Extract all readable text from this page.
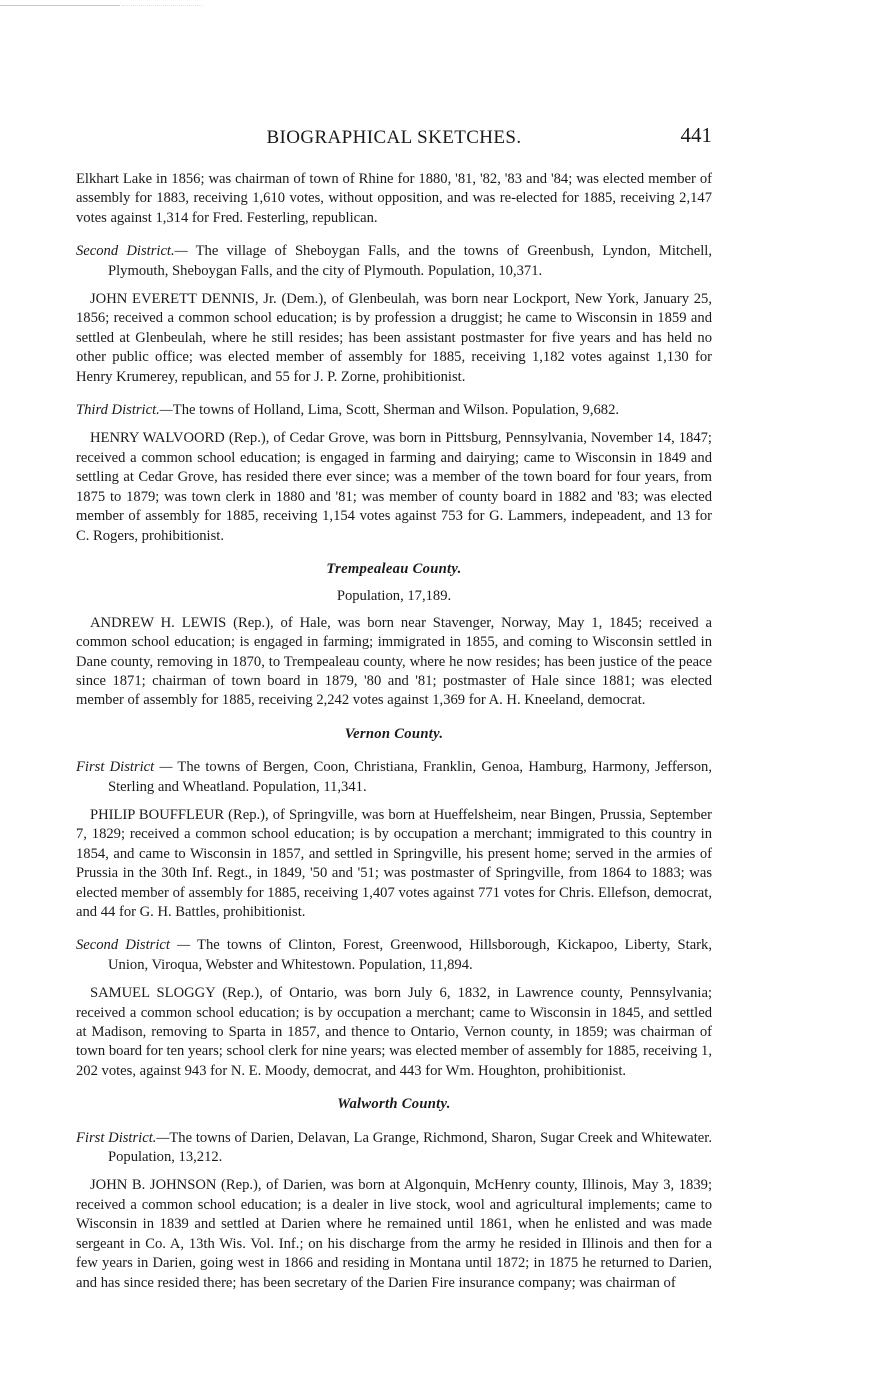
BIOGRAPHICAL SKETCHES.	441

Elkhart Lake in 1856; was chairman of town of Rhine for 1880, '81, '82, '83 and '84; was elected member of assembly for 1883, receiving 1,610 votes, without opposition, and was re-elected for 1885, receiving 2,147 votes against 1,314 for Fred. Festerling, republican.

Second District.— The village of Sheboygan Falls, and the towns of Greenbush, Lyndon, Mitchell, Plymouth, Sheboygan Falls, and the city of Plymouth. Population, 10,371.

JOHN EVERETT DENNIS, Jr. (Dem.), of Glenbeulah, was born near Lockport, New York, January 25, 1856; received a common school education; is by profession a druggist; he came to Wisconsin in 1859 and settled at Glenbeulah, where he still resides; has been assistant postmaster for five years and has held no other public office; was elected member of assembly for 1885, receiving 1,182 votes against 1,130 for Henry Krumerey, republican, and 55 for J. P. Zorne, prohibitionist.

Third District.—The towns of Holland, Lima, Scott, Sherman and Wilson. Population, 9,682.

HENRY WALVOORD (Rep.), of Cedar Grove, was born in Pittsburg, Pennsylvania, November 14, 1847; received a common school education; is engaged in farming and dairying; came to Wisconsin in 1849 and settling at Cedar Grove, has resided there ever since; was a member of the town board for four years, from 1875 to 1879; was town clerk in 1880 and '81; was member of county board in 1882 and '83; was elected member of assembly for 1885, receiving 1,154 votes against 753 for G. Lammers, indepeadent, and 13 for C. Rogers, prohibitionist.

Trempealeau County.
Population, 17,189.

ANDREW H. LEWIS (Rep.), of Hale, was born near Stavenger, Norway, May 1, 1845; received a common school education; is engaged in farming; immigrated in 1855, and coming to Wisconsin settled in Dane county, removing in 1870, to Trempealeau county, where he now resides; has been justice of the peace since 1871; chairman of town board in 1879, '80 and '81; postmaster of Hale since 1881; was elected member of assembly for 1885, receiving 2,242 votes against 1,369 for A. H. Kneeland, democrat.

Vernon County.

First District — The towns of Bergen, Coon, Christiana, Franklin, Genoa, Hamburg, Harmony, Jefferson, Sterling and Wheatland. Population, 11,341.

PHILIP BOUFFLEUR (Rep.), of Springville, was born at Hueffelsheim, near Bingen, Prussia, September 7, 1829; received a common school education; is by occupation a merchant; immigrated to this country in 1854, and came to Wisconsin in 1857, and settled in Springville, his present home; served in the armies of Prussia in the 30th Inf. Regt., in 1849, '50 and '51; was postmaster of Springville, from 1864 to 1883; was elected member of assembly for 1885, receiving 1,407 votes against 771 votes for Chris. Ellefson, democrat, and 44 for G. H. Battles, prohibitionist.

Second District — The towns of Clinton, Forest, Greenwood, Hillsborough, Kickapoo, Liberty, Stark, Union, Viroqua, Webster and Whitestown. Population, 11,894.

SAMUEL SLOGGY (Rep.), of Ontario, was born July 6, 1832, in Lawrence county, Pennsylvania; received a common school education; is by occupation a merchant; came to Wisconsin in 1845, and settled at Madison, removing to Sparta in 1857, and thence to Ontario, Vernon county, in 1859; was chairman of town board for ten years; school clerk for nine years; was elected member of assembly for 1885, receiving 1, 202 votes, against 943 for N. E. Moody, democrat, and 443 for Wm. Houghton, prohibitionist.

Walworth County.

First District.—The towns of Darien, Delavan, La Grange, Richmond, Sharon, Sugar Creek and Whitewater. Population, 13,212.

JOHN B. JOHNSON (Rep.), of Darien, was born at Algonquin, McHenry county, Illinois, May 3, 1839; received a common school education; is a dealer in live stock, wool and agricultural implements; came to Wisconsin in 1839 and settled at Darien where he remained until 1861, when he enlisted and was made sergeant in Co. A, 13th Wis. Vol. Inf.; on his discharge from the army he resided in Illinois and then for a few years in Darien, going west in 1866 and residing in Montana until 1872; in 1875 he returned to Darien, and has since resided there; has been secretary of the Darien Fire insurance company; was chairman of
